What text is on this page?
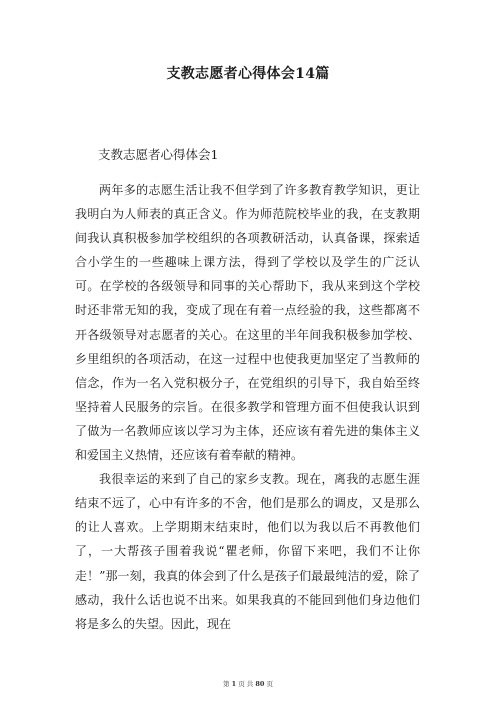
支教志愿者心得体会14篇
支教志愿者心得体会1

两年多的志愿生活让我不但学到了许多教育教学知识，更让我明白为人师表的真正含义。作为师范院校毕业的我，在支教期间我认真积极参加学校组织的各项教研活动，认真备课，探索适合小学生的一些趣味上课方法，得到了学校以及学生的广泛认可。在学校的各级领导和同事的关心帮助下，我从来到这个学校时还非常无知的我，变成了现在有着一点经验的我，这些都离不开各级领导对志愿者的关心。在这里的半年间我积极参加学校、乡里组织的各项活动，在这一过程中也使我更加坚定了当教师的信念，作为一名入党积极分子，在党组织的引导下，我自始至终坚持着人民服务的宗旨。在很多教学和管理方面不但使我认识到了做为一名教师应该以学习为主体，还应该有着先进的集体主义和爱国主义热情，还应该有着奉献的精神。

我很幸运的来到了自己的家乡支教。现在，离我的志愿生涯结束不远了，心中有许多的不舍，他们是那么的调皮，又是那么的让人喜欢。上学期期末结束时，他们以为我以后不再教他们了，一大帮孩子围着我说“瞿老师，你留下来吧，我们不让你走！”那一刻，我真的体会到了什么是孩子们最最纯洁的爱，除了感动，我什么话也说不出来。如果我真的不能回到他们身边他们将是多么的失望。因此，现在

第 1 页 共 80 页
